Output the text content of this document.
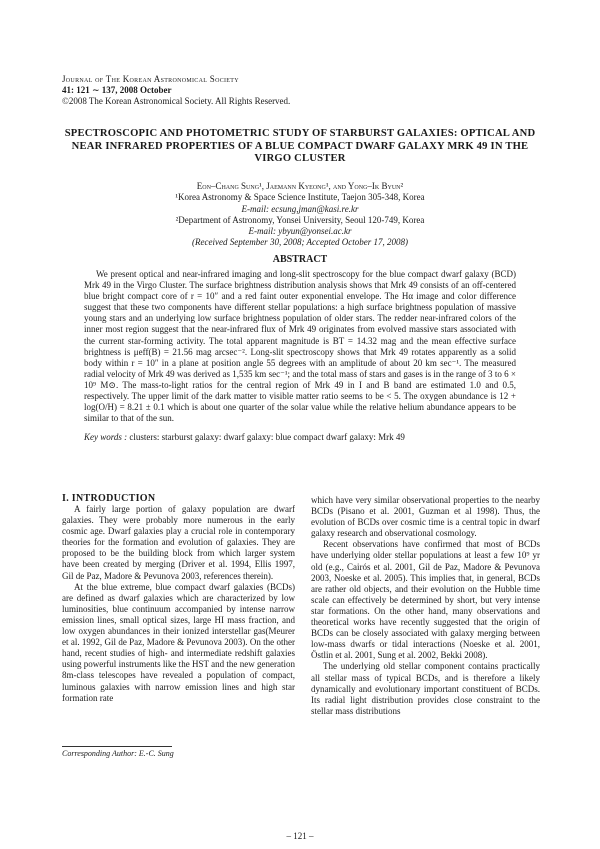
Journal of The Korean Astronomical Society
41: 121 ∼ 137, 2008 October
©2008 The Korean Astronomical Society. All Rights Reserved.
SPECTROSCOPIC AND PHOTOMETRIC STUDY OF STARBURST GALAXIES: OPTICAL AND NEAR INFRARED PROPERTIES OF A BLUE COMPACT DWARF GALAXY MRK 49 IN THE VIRGO CLUSTER
Eon–Chang Sung¹, Jaemann Kyeong¹, and Yong–Ik Byun²
¹Korea Astronomy & Space Science Institute, Taejon 305-348, Korea
E-mail: ecsung,jman@kasi.re.kr
²Department of Astronomy, Yonsei University, Seoul 120-749, Korea
E-mail: ybyun@yonsei.ac.kr
(Received September 30, 2008; Accepted October 17, 2008)
ABSTRACT
We present optical and near-infrared imaging and long-slit spectroscopy for the blue compact dwarf galaxy (BCD) Mrk 49 in the Virgo Cluster. The surface brightness distribution analysis shows that Mrk 49 consists of an off-centered blue bright compact core of r = 10″ and a red faint outer exponential envelope. The Hα image and color difference suggest that these two components have different stellar populations: a high surface brightness population of massive young stars and an underlying low surface brightness population of older stars. The redder near-infrared colors of the inner most region suggest that the near-infrared flux of Mrk 49 originates from evolved massive stars associated with the current star-forming activity. The total apparent magnitude is BT = 14.32 mag and the mean effective surface brightness is μeff(B) = 21.56 mag arcsec⁻². Long-slit spectroscopy shows that Mrk 49 rotates apparently as a solid body within r = 10″ in a plane at position angle 55 degrees with an amplitude of about 20 km sec⁻¹. The measured radial velocity of Mrk 49 was derived as 1,535 km sec⁻¹; and the total mass of stars and gases is in the range of 3 to 6 × 10⁹ M⊙. The mass-to-light ratios for the central region of Mrk 49 in I and B band are estimated 1.0 and 0.5, respectively. The upper limit of the dark matter to visible matter ratio seems to be < 5. The oxygen abundance is 12 + log(O/H) = 8.21 ± 0.1 which is about one quarter of the solar value while the relative helium abundance appears to be similar to that of the sun.
Key words : clusters: starburst galaxy: dwarf galaxy: blue compact dwarf galaxy: Mrk 49
I. INTRODUCTION

A fairly large portion of galaxy population are dwarf galaxies. They were probably more numerous in the early cosmic age. Dwarf galaxies play a crucial role in contemporary theories for the formation and evolution of galaxies. They are proposed to be the building block from which larger system have been created by merging (Driver et al. 1994, Ellis 1997, Gil de Paz, Madore & Pevunova 2003, references therein).

At the blue extreme, blue compact dwarf galaxies (BCDs) are defined as dwarf galaxies which are characterized by low luminosities, blue continuum accompanied by intense narrow emission lines, small optical sizes, large HI mass fraction, and low oxygen abundances in their ionized interstellar gas(Meurer et al. 1992, Gil de Paz, Madore & Pevunova 2003). On the other hand, recent studies of high- and intermediate redshift galaxies using powerful instruments like the HST and the new generation 8m-class telescopes have revealed a population of compact, luminous galaxies with narrow emission lines and high star formation rate

which have very similar observational properties to the nearby BCDs (Pisano et al. 2001, Guzman et al 1998). Thus, the evolution of BCDs over cosmic time is a central topic in dwarf galaxy research and observational cosmology.

Recent observations have confirmed that most of BCDs have underlying older stellar populations at least a few 10⁹ yr old (e.g., Cairós et al. 2001, Gil de Paz, Madore & Pevunova 2003, Noeske et al. 2005). This implies that, in general, BCDs are rather old objects, and their evolution on the Hubble time scale can effectively be determined by short, but very intense star formations. On the other hand, many observations and theoretical works have recently suggested that the origin of BCDs can be closely associated with galaxy merging between low-mass dwarfs or tidal interactions (Noeske et al. 2001, Östlin et al. 2001, Sung et al. 2002, Bekki 2008).

The underlying old stellar component contains practically all stellar mass of typical BCDs, and is therefore a likely dynamically and evolutionary important constituent of BCDs. Its radial light distribution provides close constraint to the stellar mass distributions

Corresponding Author: E.-C. Sung
– 121 –
